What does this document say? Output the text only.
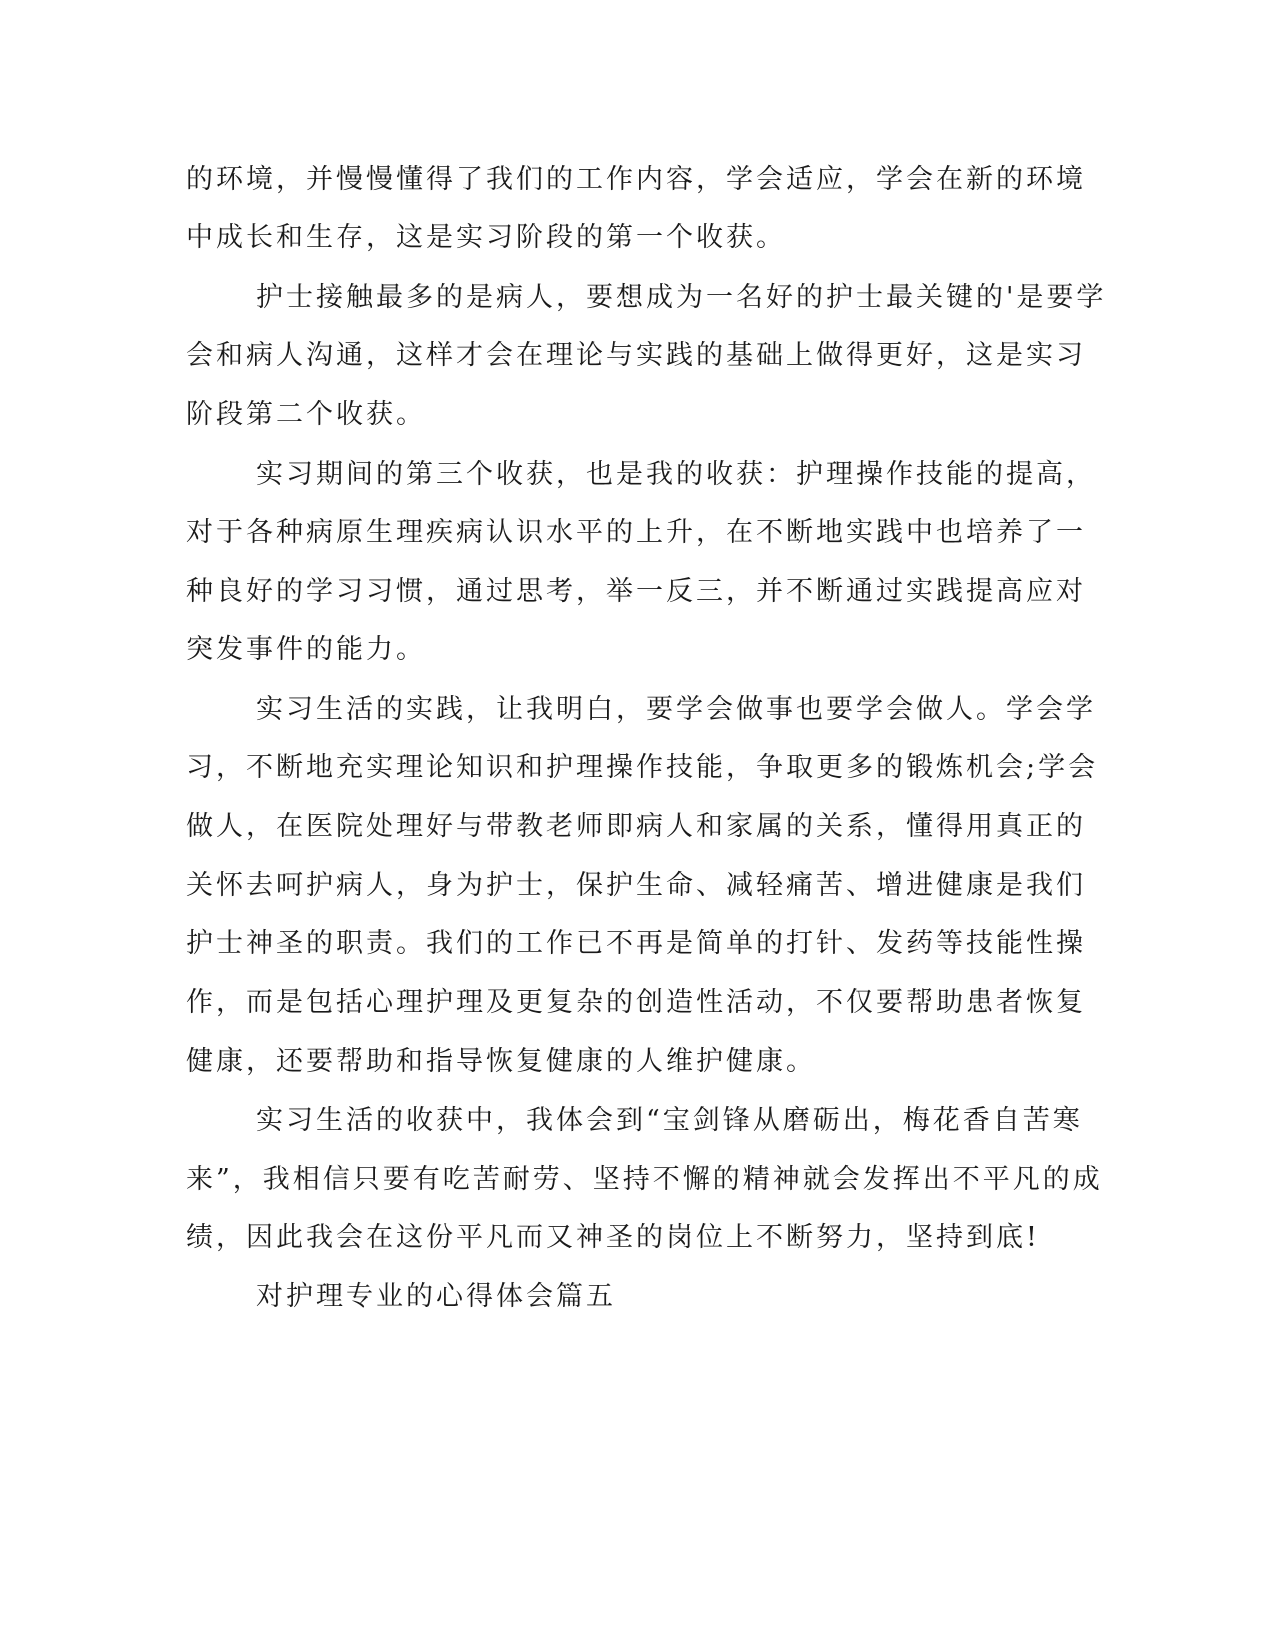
的环境，并慢慢懂得了我们的工作内容，学会适应，学会在新的环境
中成长和生存，这是实习阶段的第一个收获。
护士接触最多的是病人，要想成为一名好的护士最关键的'是要学
会和病人沟通，这样才会在理论与实践的基础上做得更好，这是实习
阶段第二个收获。
实习期间的第三个收获，也是我的收获：护理操作技能的提高，
对于各种病原生理疾病认识水平的上升，在不断地实践中也培养了一
种良好的学习习惯，通过思考，举一反三，并不断通过实践提高应对
突发事件的能力。
实习生活的实践，让我明白，要学会做事也要学会做人。学会学
习，不断地充实理论知识和护理操作技能，争取更多的锻炼机会;学会
做人，在医院处理好与带教老师即病人和家属的关系，懂得用真正的
关怀去呵护病人，身为护士，保护生命、减轻痛苦、增进健康是我们
护士神圣的职责。我们的工作已不再是简单的打针、发药等技能性操
作，而是包括心理护理及更复杂的创造性活动，不仅要帮助患者恢复
健康，还要帮助和指导恢复健康的人维护健康。
实习生活的收获中，我体会到“宝剑锋从磨砺出，梅花香自苦寒
来”，我相信只要有吃苦耐劳、坚持不懈的精神就会发挥出不平凡的成
绩，因此我会在这份平凡而又神圣的岗位上不断努力，坚持到底!
对护理专业的心得体会篇五
